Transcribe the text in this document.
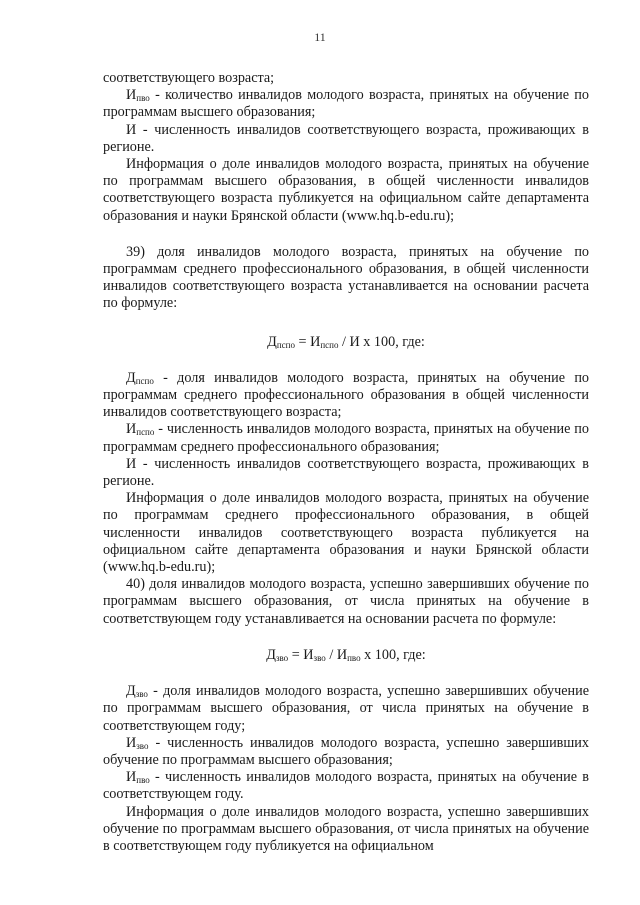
11

соответствующего возраста;

$И_{пво}$ - количество инвалидов молодого возраста, принятых на обучение по программам высшего образования;

И - численность инвалидов соответствующего возраста, проживающих в регионе.

Информация о доле инвалидов молодого возраста, принятых на обучение по программам высшего образования, в общей численности инвалидов соответствующего возраста публикуется на официальном сайте департамента образования и науки Брянской области (www.hq.b-edu.ru);

39) доля инвалидов молодого возраста, принятых на обучение по программам среднего профессионального образования, в общей численности инвалидов соответствующего возраста устанавливается на основании расчета по формуле:

$Д_{пспо} = И_{пспо} / И$ х 100, где:

$Д_{пспо}$ - доля инвалидов молодого возраста, принятых на обучение по программам среднего профессионального образования в общей численности инвалидов соответствующего возраста;

$И_{пспо}$ - численность инвалидов молодого возраста, принятых на обучение по программам среднего профессионального образования;

И - численность инвалидов соответствующего возраста, проживающих в регионе.

Информация о доле инвалидов молодого возраста, принятых на обучение по программам среднего профессионального образования, в общей численности инвалидов соответствующего возраста публикуется на официальном сайте департамента образования и науки Брянской области (www.hq.b-edu.ru);

40) доля инвалидов молодого возраста, успешно завершивших обучение по программам высшего образования, от числа принятых на обучение в соответствующем году устанавливается на основании расчета по формуле:

$Д_{зво} = И_{зво} / И_{пво}$ х 100, где:

$Д_{зво}$ - доля инвалидов молодого возраста, успешно завершивших обучение по программам высшего образования, от числа принятых на обучение в соответствующем году;

$И_{зво}$ - численность инвалидов молодого возраста, успешно завершивших обучение по программам высшего образования;

$И_{пво}$ - численность инвалидов молодого возраста, принятых на обучение в соответствующем году.

Информация о доле инвалидов молодого возраста, успешно завершивших обучение по программам высшего образования, от числа принятых на обучение в соответствующем году публикуется на официальном
